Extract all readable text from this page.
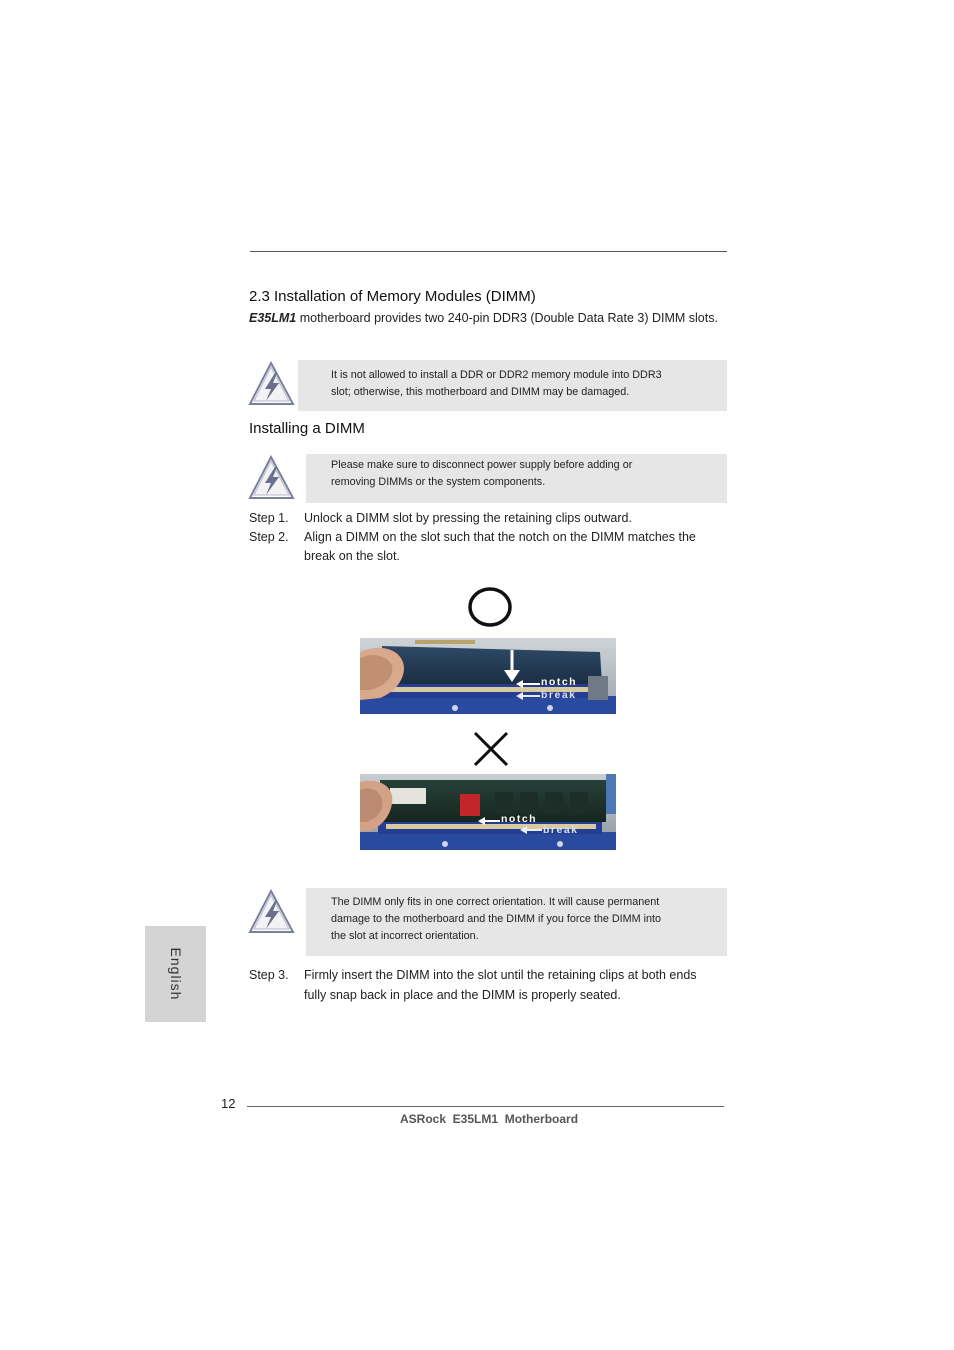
2.3 Installation of Memory Modules (DIMM)
E35LM1 motherboard provides two 240-pin DDR3 (Double Data Rate 3) DIMM slots.
It is not allowed to install a DDR or DDR2 memory module into DDR3
slot; otherwise, this motherboard and DIMM may be damaged.
Installing a DIMM
Please make sure to disconnect power supply before adding or
removing DIMMs or the system components.
Step 1. Unlock a DIMM slot by pressing the retaining clips outward.
Step 2. Align a DIMM on the slot such that the notch on the DIMM matches the
break on the slot.
notch
break
notch
break
The DIMM only fits in one correct orientation. It will cause permanent
damage to the motherboard and the DIMM if you force the DIMM into
the slot at incorrect orientation.
Step 3. Firmly insert the DIMM into the slot until the retaining clips at both ends
fully snap back in place and the DIMM is properly seated.
English
12
ASRock  E35LM1  Motherboard
